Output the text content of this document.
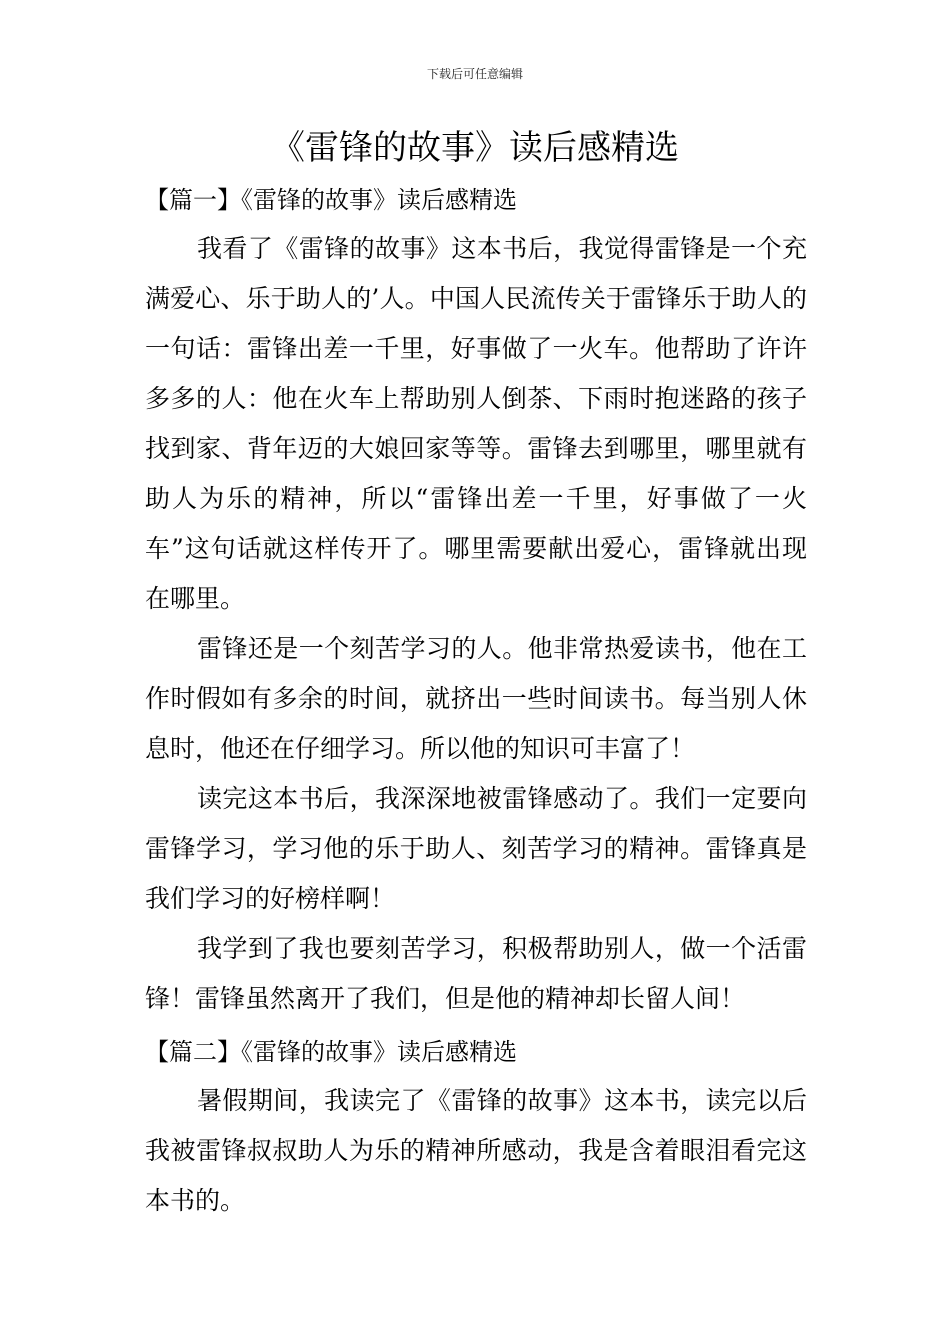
下载后可任意编辑
《雷锋的故事》读后感精选
【篇一】《雷锋的故事》读后感精选

我看了《雷锋的故事》这本书后，我觉得雷锋是一个充满爱心、乐于助人的’人。中国人民流传关于雷锋乐于助人的一句话：雷锋出差一千里，好事做了一火车。他帮助了许许多多的人：他在火车上帮助别人倒茶、下雨时抱迷路的孩子找到家、背年迈的大娘回家等等。雷锋去到哪里，哪里就有助人为乐的精神，所以“雷锋出差一千里，好事做了一火车”这句话就这样传开了。哪里需要献出爱心，雷锋就出现在哪里。

雷锋还是一个刻苦学习的人。他非常热爱读书，他在工作时假如有多余的时间，就挤出一些时间读书。每当别人休息时，他还在仔细学习。所以他的知识可丰富了！

读完这本书后，我深深地被雷锋感动了。我们一定要向雷锋学习，学习他的乐于助人、刻苦学习的精神。雷锋真是我们学习的好榜样啊！

我学到了我也要刻苦学习，积极帮助别人，做一个活雷锋！雷锋虽然离开了我们，但是他的精神却长留人间！

【篇二】《雷锋的故事》读后感精选

暑假期间，我读完了《雷锋的故事》这本书，读完以后我被雷锋叔叔助人为乐的精神所感动，我是含着眼泪看完这本书的。
